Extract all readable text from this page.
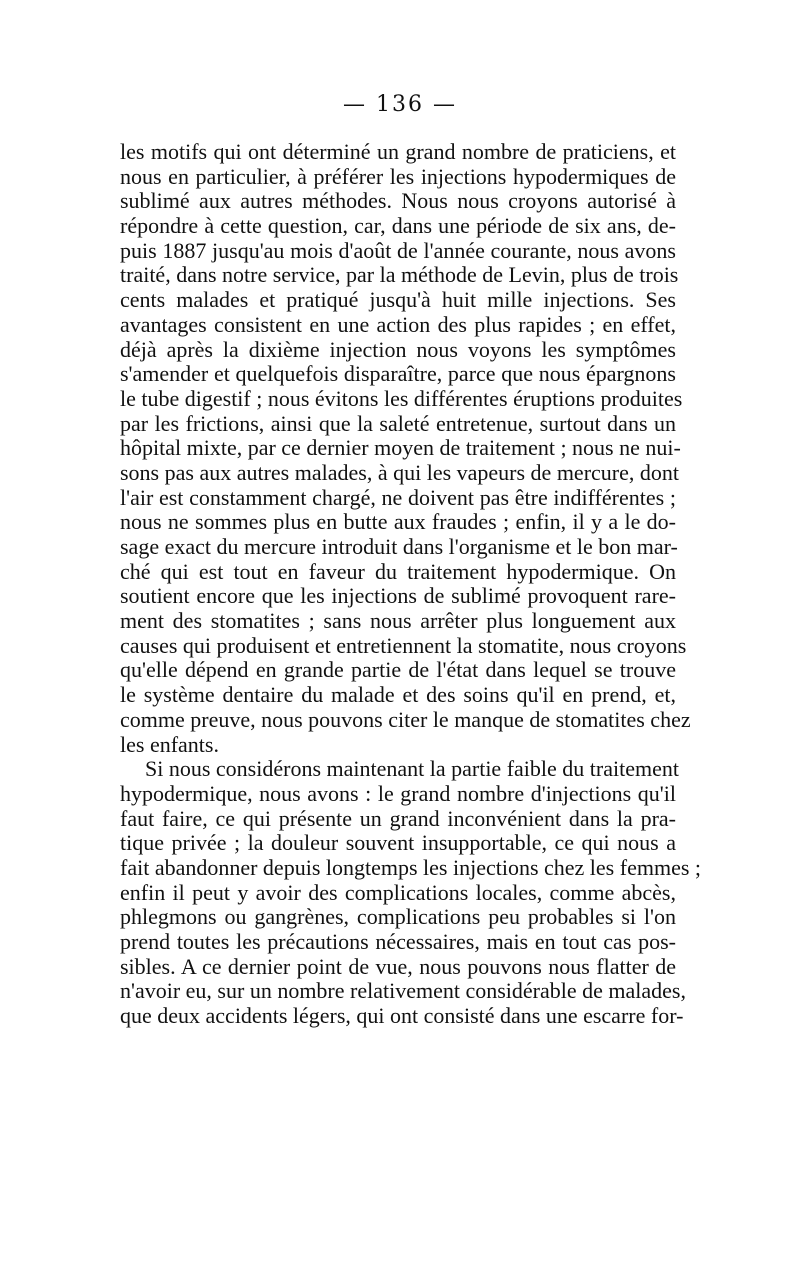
— 136 —
les motifs qui ont déterminé un grand nombre de praticiens, et
nous en particulier, à préférer les injections hypodermiques de
sublimé aux autres méthodes. Nous nous croyons autorisé à
répondre à cette question, car, dans une période de six ans, de-
puis 1887 jusqu'au mois d'août de l'année courante, nous avons
traité, dans notre service, par la méthode de Levin, plus de trois
cents malades et pratiqué jusqu'à huit mille injections. Ses
avantages consistent en une action des plus rapides ; en effet,
déjà après la dixième injection nous voyons les symptômes
s'amender et quelquefois disparaître, parce que nous épargnons
le tube digestif ; nous évitons les différentes éruptions produites
par les frictions, ainsi que la saleté entretenue, surtout dans un
hôpital mixte, par ce dernier moyen de traitement ; nous ne nui-
sons pas aux autres malades, à qui les vapeurs de mercure, dont
l'air est constamment chargé, ne doivent pas être indifférentes ;
nous ne sommes plus en butte aux fraudes ; enfin, il y a le do-
sage exact du mercure introduit dans l'organisme et le bon mar-
ché qui est tout en faveur du traitement hypodermique. On
soutient encore que les injections de sublimé provoquent rare-
ment des stomatites ; sans nous arrêter plus longuement aux
causes qui produisent et entretiennent la stomatite, nous croyons
qu'elle dépend en grande partie de l'état dans lequel se trouve
le système dentaire du malade et des soins qu'il en prend, et,
comme preuve, nous pouvons citer le manque de stomatites chez
les enfants.
Si nous considérons maintenant la partie faible du traitement
hypodermique, nous avons : le grand nombre d'injections qu'il
faut faire, ce qui présente un grand inconvénient dans la pra-
tique privée ; la douleur souvent insupportable, ce qui nous a
fait abandonner depuis longtemps les injections chez les femmes ;
enfin il peut y avoir des complications locales, comme abcès,
phlegmons ou gangrènes, complications peu probables si l'on
prend toutes les précautions nécessaires, mais en tout cas pos-
sibles. A ce dernier point de vue, nous pouvons nous flatter de
n'avoir eu, sur un nombre relativement considérable de malades,
que deux accidents légers, qui ont consisté dans une escarre for-
